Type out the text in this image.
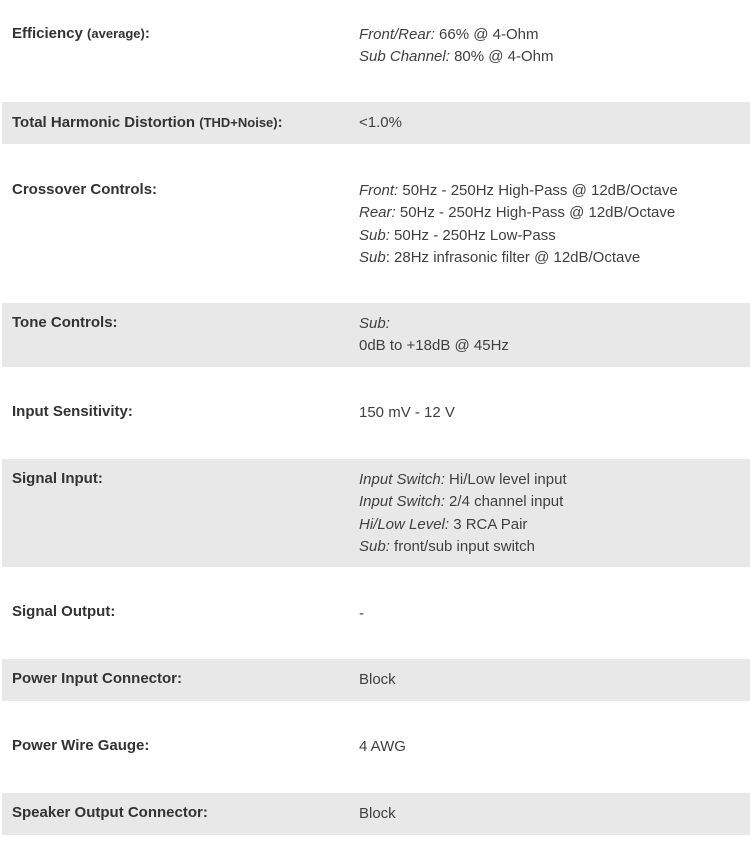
Efficiency (average):	Front/Rear: 66% @ 4-Ohm
Sub Channel: 80% @ 4-Ohm
Total Harmonic Distortion (THD+Noise):	<1.0%
Crossover Controls:	Front: 50Hz - 250Hz High-Pass @ 12dB/Octave
Rear: 50Hz - 250Hz High-Pass @ 12dB/Octave
Sub: 50Hz - 250Hz Low-Pass
Sub: 28Hz infrasonic filter @ 12dB/Octave
Tone Controls:	Sub:
0dB to +18dB @ 45Hz
Input Sensitivity:	150 mV - 12 V
Signal Input:	Input Switch: Hi/Low level input
Input Switch: 2/4 channel input
Hi/Low Level: 3 RCA Pair
Sub: front/sub input switch
Signal Output:	-
Power Input Connector:	Block
Power Wire Gauge:	4 AWG
Speaker Output Connector:	Block
